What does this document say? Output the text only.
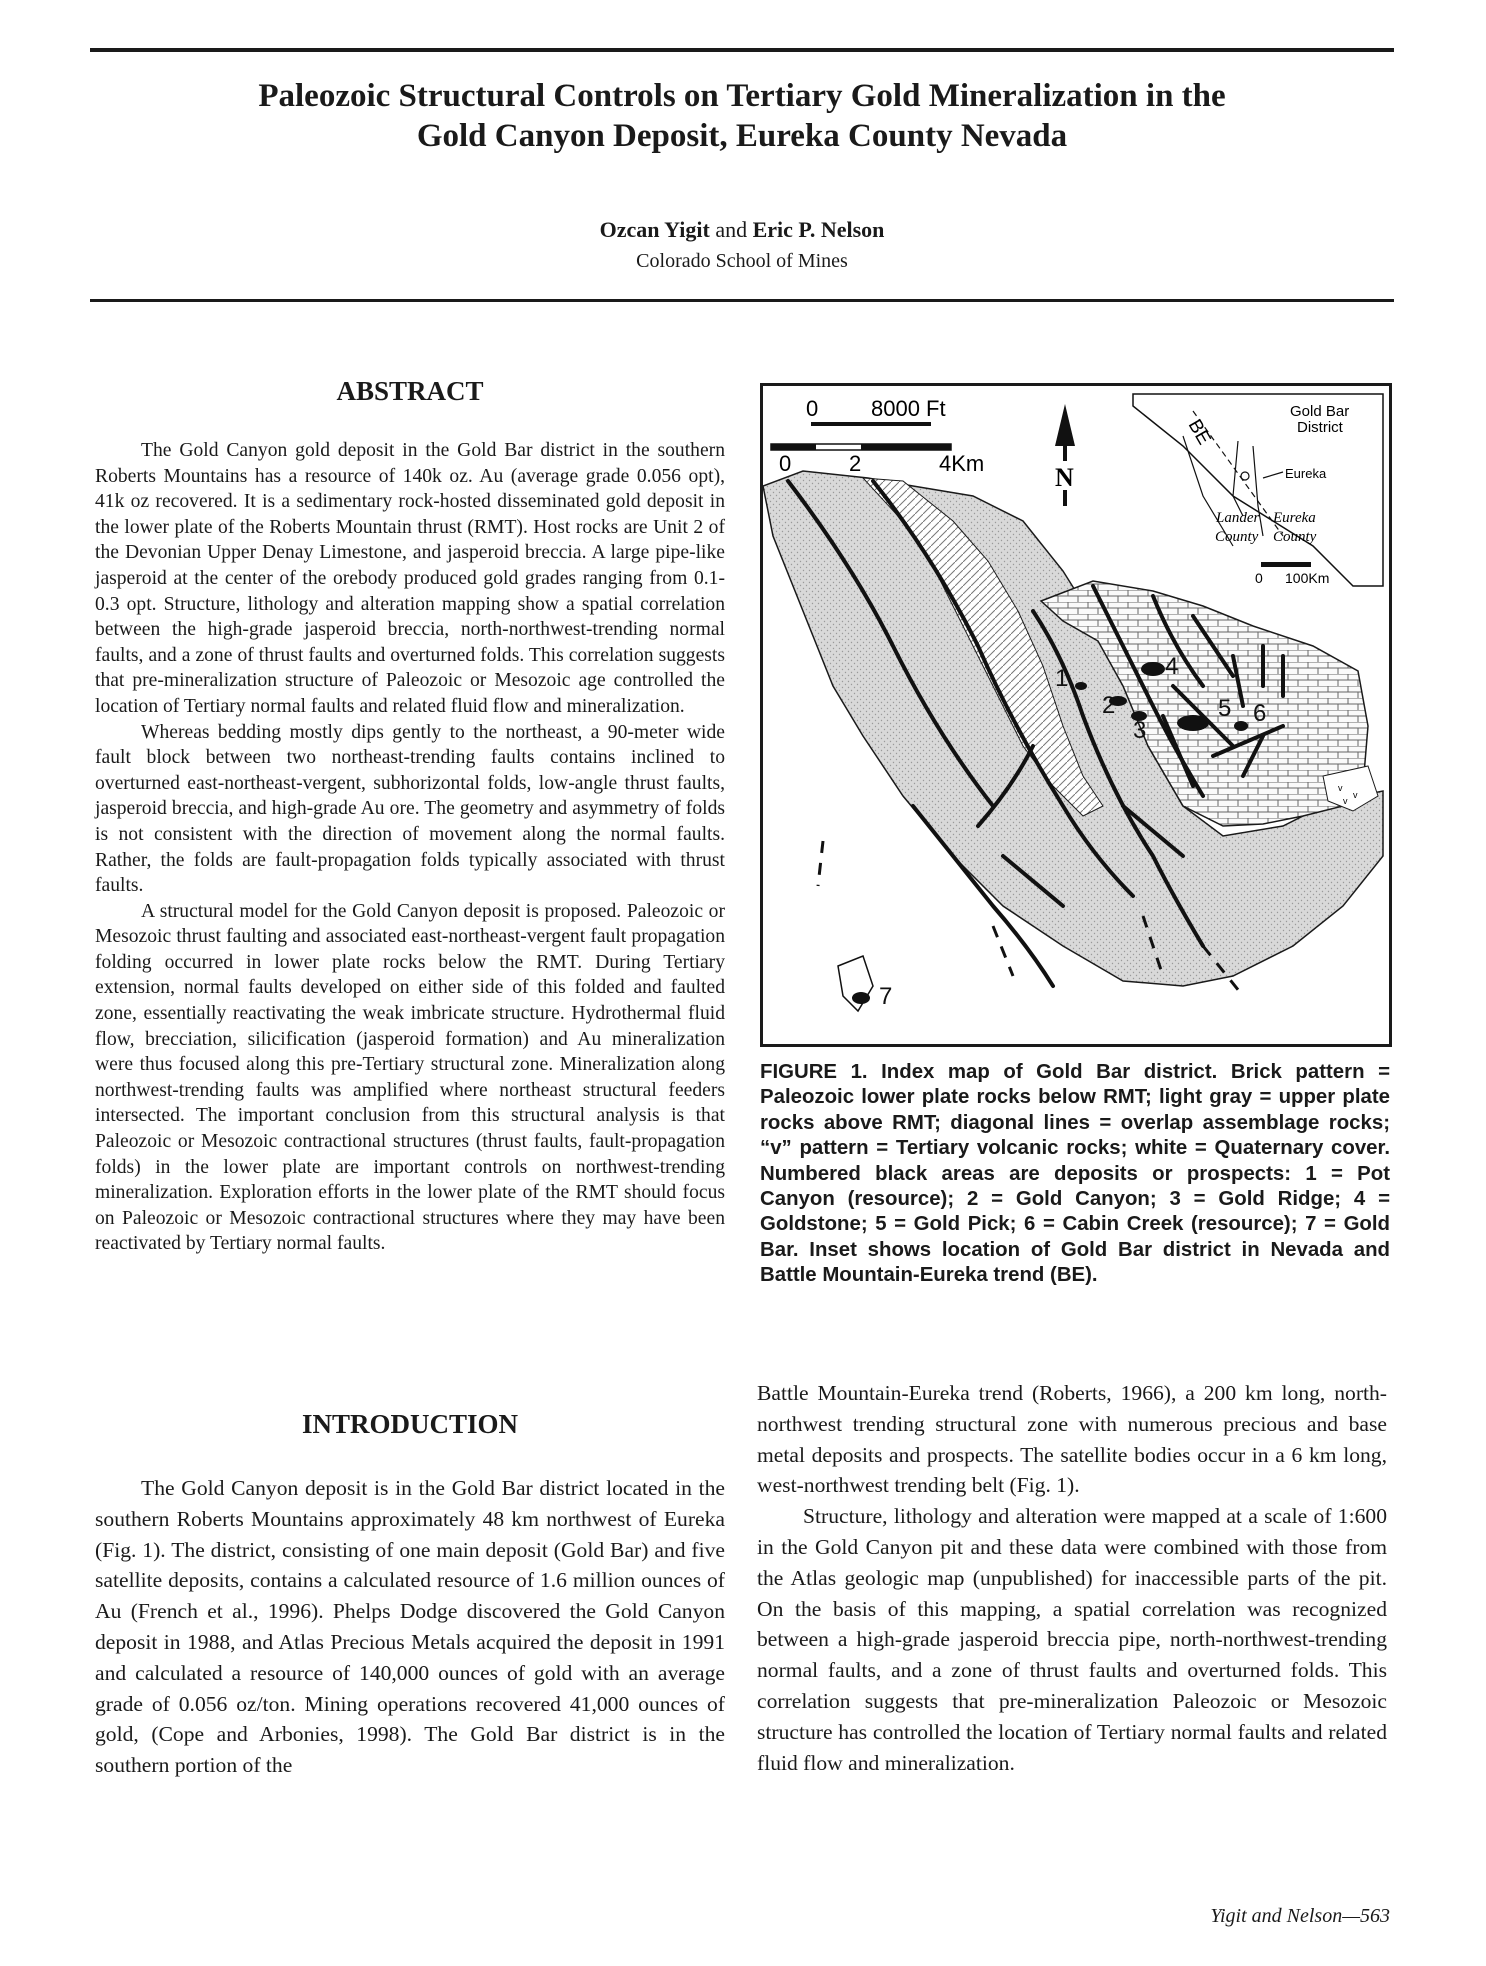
Paleozoic Structural Controls on Tertiary Gold Mineralization in the
Gold Canyon Deposit, Eureka County Nevada
Ozcan Yigit and Eric P. Nelson
Colorado School of Mines
ABSTRACT

The Gold Canyon gold deposit in the Gold Bar district in the southern Roberts Mountains has a resource of 140k oz. Au (average grade 0.056 opt), 41k oz recovered. It is a sedimentary rock-hosted disseminated gold deposit in the lower plate of the Roberts Mountain thrust (RMT). Host rocks are Unit 2 of the Devonian Upper Denay Limestone, and jasperoid breccia. A large pipe-like jasperoid at the center of the orebody produced gold grades ranging from 0.1-0.3 opt. Structure, lithology and alteration mapping show a spatial correlation between the high-grade jasperoid breccia, north-northwest-trending normal faults, and a zone of thrust faults and overturned folds. This correlation suggests that pre-mineralization structure of Paleozoic or Mesozoic age controlled the location of Tertiary normal faults and related fluid flow and mineralization.

Whereas bedding mostly dips gently to the northeast, a 90-meter wide fault block between two northeast-trending faults contains inclined to overturned east-northeast-vergent, subhorizontal folds, low-angle thrust faults, jasperoid breccia, and high-grade Au ore. The geometry and asymmetry of folds is not consistent with the direction of movement along the normal faults. Rather, the folds are fault-propagation folds typically associated with thrust faults.

A structural model for the Gold Canyon deposit is proposed. Paleozoic or Mesozoic thrust faulting and associated east-northeast-vergent fault propagation folding occurred in lower plate rocks below the RMT. During Tertiary extension, normal faults developed on either side of this folded and faulted zone, essentially reactivating the weak imbricate structure. Hydrothermal fluid flow, brecciation, silicification (jasperoid formation) and Au mineralization were thus focused along this pre-Tertiary structural zone. Mineralization along northwest-trending faults was amplified where northeast structural feeders intersected. The important conclusion from this structural analysis is that Paleozoic or Mesozoic contractional structures (thrust faults, fault-propagation folds) in the lower plate are important controls on northwest-trending mineralization. Exploration efforts in the lower plate of the RMT should focus on Paleozoic or Mesozoic contractional structures where they may have been reactivated by Tertiary normal faults.

INTRODUCTION

The Gold Canyon deposit is in the Gold Bar district located in the southern Roberts Mountains approximately 48 km northwest of Eureka (Fig. 1). The district, consisting of one main deposit (Gold Bar) and five satellite deposits, contains a calculated resource of 1.6 million ounces of Au (French et al., 1996). Phelps Dodge discovered the Gold Canyon deposit in 1988, and Atlas Precious Metals acquired the deposit in 1991 and calculated a resource of 140,000 ounces of gold with an average grade of 0.056 oz/ton. Mining operations recovered 41,000 ounces of gold, (Cope and Arbonies, 1998). The Gold Bar district is in the southern portion of the

v
v
v
1
2
3
4
5 6
7
0 8000 Ft
0	2	4Km	N
BE
Gold Bar
District
Eureka
Lander Eureka
County County
0 100Km
FIGURE 1. Index map of Gold Bar district. Brick pattern = Paleozoic lower plate rocks below RMT; light gray = upper plate rocks above RMT; diagonal lines = overlap assemblage rocks; “v” pattern = Tertiary volcanic rocks; white = Quaternary cover. Numbered black areas are deposits or prospects: 1 = Pot Canyon (resource); 2 = Gold Canyon; 3 = Gold Ridge; 4 = Goldstone; 5 = Gold Pick; 6 = Cabin Creek (resource); 7 = Gold Bar. Inset shows location of Gold Bar district in Nevada and Battle Mountain-Eureka trend (BE).

Battle Mountain-Eureka trend (Roberts, 1966), a 200 km long, north-northwest trending structural zone with numerous precious and base metal deposits and prospects. The satellite bodies occur in a 6 km long, west-northwest trending belt (Fig. 1).

Structure, lithology and alteration were mapped at a scale of 1:600 in the Gold Canyon pit and these data were combined with those from the Atlas geologic map (unpublished) for inaccessible parts of the pit. On the basis of this mapping, a spatial correlation was recognized between a high-grade jasperoid breccia pipe, north-northwest-trending normal faults, and a zone of thrust faults and overturned folds. This correlation suggests that pre-mineralization Paleozoic or Mesozoic structure has controlled the location of Tertiary normal faults and related fluid flow and mineralization.

Yigit and Nelson—563
